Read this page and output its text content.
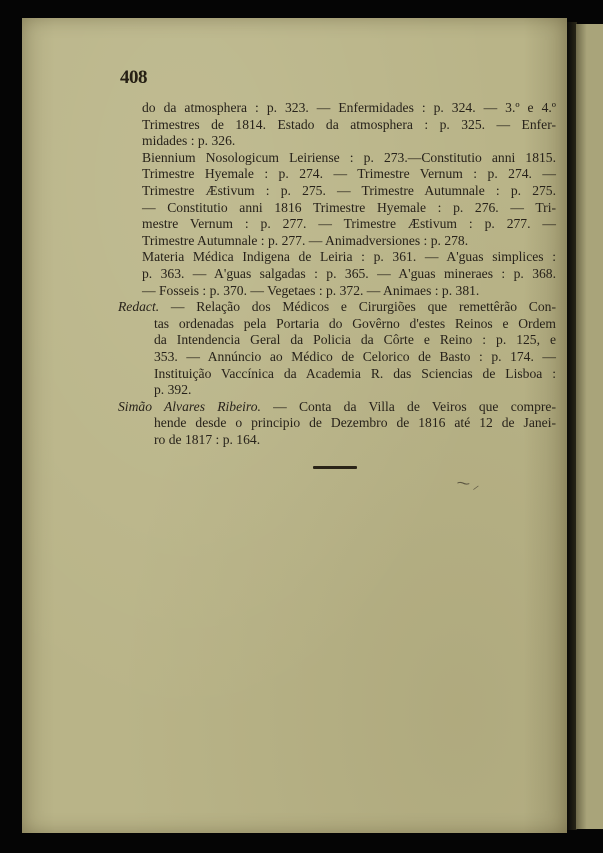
408

do da atmosphera : p. 323. — Enfermidades : p. 324. — 3.º e 4.º
Trimestres de 1814. Estado da atmosphera : p. 325. — Enfer-
midades : p. 326.

Biennium Nosologicum Leiriense : p. 273.—Constitutio anni 1815.
Trimestre Hyemale : p. 274. — Trimestre Vernum : p. 274. —
Trimestre Æstivum : p. 275. — Trimestre Autumnale : p. 275.
— Constitutio anni 1816 Trimestre Hyemale : p. 276. — Tri-
mestre Vernum : p. 277. — Trimestre Æstivum : p. 277. —
Trimestre Autumnale : p. 277. — Animadversiones : p. 278.

Materia Médica Indigena de Leiria : p. 361. — A'guas simplices :
p. 363. — A'guas salgadas : p. 365. — A'guas mineraes : p. 368.
— Fosseis : p. 370. — Vegetaes : p. 372. — Animaes : p. 381.

Redact. — Relação dos Médicos e Cirurgiões que remettêrão Con-
tas ordenadas pela Portaria do Govêrno d'estes Reinos e Ordem
da Intendencia Geral da Policia da Côrte e Reino : p. 125, e
353. — Annúncio ao Médico de Celorico de Basto : p. 174. —
Instituição Vaccínica da Academia R. das Sciencias de Lisboa :
p. 392.

Simão Alvares Ribeiro. — Conta da Villa de Veiros que compre-
hende desde o principio de Dezembro de 1816 até 12 de Janei-
ro de 1817 : p. 164.

⁓ ⸝
